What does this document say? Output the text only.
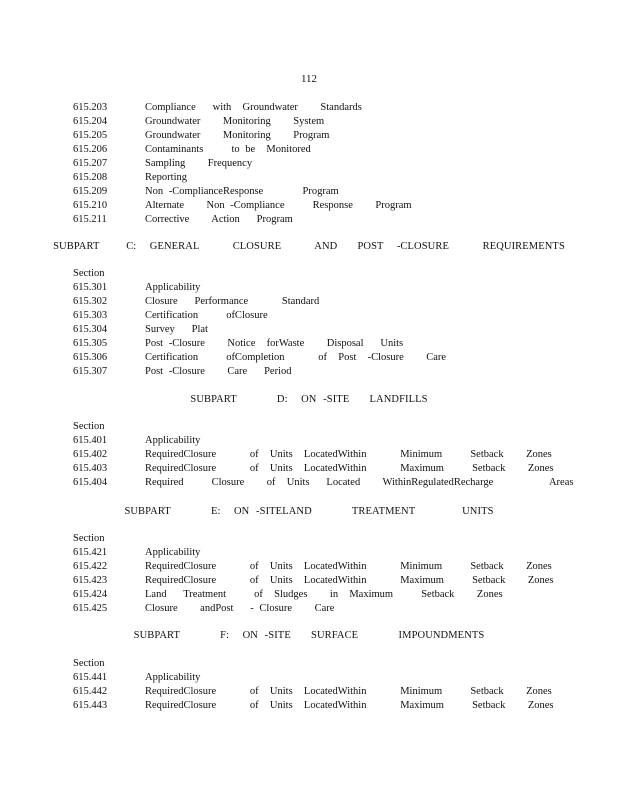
112
615.203	Compliance   with  Groundwater    Standards
615.204	Groundwater    Monitoring    System
615.205	Groundwater    Monitoring    Program
615.206	Contaminants     to be  Monitored
615.207	Sampling    Frequency
615.208	Reporting
615.209	Non -ComplianceResponse       Program
615.210	Alternate    Non -Compliance     Response    Program
615.211	Corrective    Action   Program
SUBPART    C:  GENERAL     CLOSURE     AND   POST  -CLOSURE     REQUIREMENTS
Section
615.301	Applicability
615.302	Closure   Performance      Standard
615.303	Certification     ofClosure
615.304	Survey   Plat
615.305	Post -Closure    Notice  forWaste    Disposal   Units
615.306	Certification     ofCompletion      of  Post  -Closure    Care
615.307	Post -Closure    Care   Period
SUBPART      D:  ON -SITE   LANDFILLS
Section
615.401	Applicability
615.402	RequiredClosure      of  Units  LocatedWithin      Minimum     Setback    Zones
615.403	RequiredClosure      of  Units  LocatedWithin      Maximum     Setback    Zones
615.404	Required     Closure    of  Units   Located    WithinRegulatedRecharge          Areas
SUBPART      E:  ON -SITELAND      TREATMENT       UNITS
Section
615.421	Applicability
615.422	RequiredClosure      of  Units  LocatedWithin      Minimum     Setback    Zones
615.423	RequiredClosure      of  Units  LocatedWithin      Maximum     Setback    Zones
615.424	Land   Treatment     of  Sludges    in  Maximum     Setback    Zones
615.425	Closure    andPost   - Closure    Care
SUBPART      F:  ON -SITE   SURFACE      IMPOUNDMENTS
Section
615.441	Applicability
615.442	RequiredClosure      of  Units  LocatedWithin      Minimum     Setback    Zones
615.443	RequiredClosure      of  Units  LocatedWithin      Maximum     Setback    Zones
